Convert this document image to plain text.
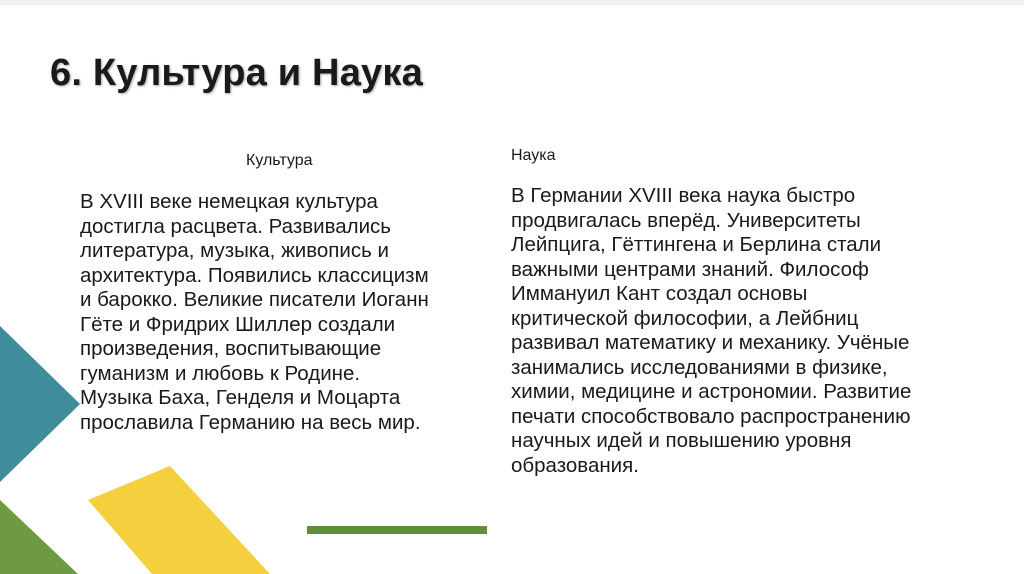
6. Культура и Наука
Культура
В XVIII веке немецкая культура
достигла расцвета. Развивались
литература, музыка, живопись и
архитектура. Появились классицизм
и барокко. Великие писатели Иоганн
Гёте и Фридрих Шиллер создали
произведения, воспитывающие
гуманизм и любовь к Родине.
Музыка Баха, Генделя и Моцарта
прославила Германию на весь мир.
Наука
В Германии XVIII века наука быстро
продвигалась вперёд. Университеты
Лейпцига, Гёттингена и Берлина стали
важными центрами знаний. Философ
Иммануил Кант создал основы
критической философии, а Лейбниц
развивал математику и механику. Учёные
занимались исследованиями в физике,
химии, медицине и астрономии. Развитие
печати способствовало распространению
научных идей и повышению уровня
образования.
